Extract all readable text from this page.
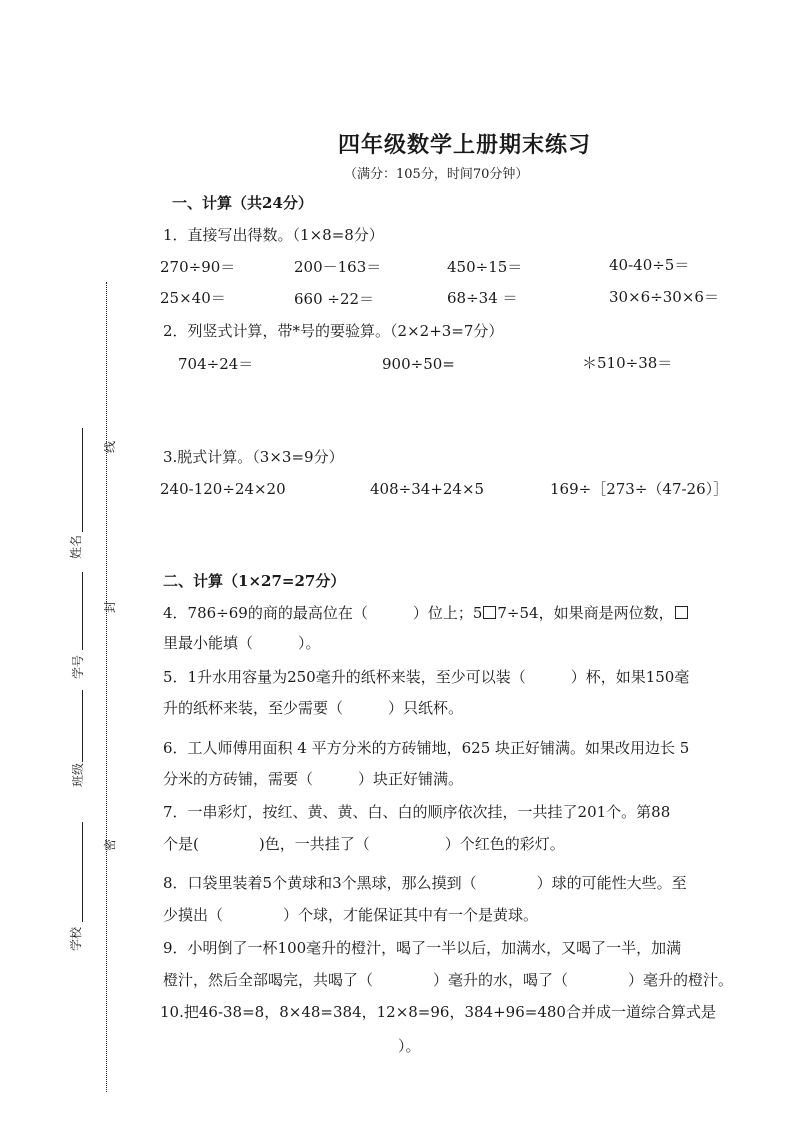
密
封
线
学校
班级
学号
姓名
四年级数学上册期末练习
（满分：105分，时间70分钟）
一、计算（共24分）
1．直接写出得数。（1×8=8分）
270÷90＝	200－163＝	450÷15＝	40-40÷5＝
25×40＝	660 ÷22＝	68÷34 ＝	30×6÷30×6＝
2．列竖式计算，带*号的要验算。（2×2+3=7分）
704÷24＝	900÷50=	＊510÷38＝
3.脱式计算。（3×3=9分）
240-120÷24×20	408÷34+24×5	169÷［273÷（47-26）］
二、计算（1×27=27分）
4．786÷69的商的最高位在（　　　）位上；5 7÷54，如果商是两位数，
里最小能填（　　　）。
5．1升水用容量为250毫升的纸杯来装，至少可以装（　　　）杯，如果150毫
升的纸杯来装，至少需要（　　　）只纸杯。
6．工人师傅用面积 4 平方分米的方砖铺地，625 块正好铺满。如果改用边长 5
分米的方砖铺，需要（　　　）块正好铺满。
7．一串彩灯，按红、黄、黄、白、白的顺序依次挂，一共挂了201个。第88
个是(　　　　)色，一共挂了（　　　　　）个红色的彩灯。
8．口袋里装着5个黄球和3个黑球，那么摸到（　　　　）球的可能性大些。至
少摸出（　　　　）个球，才能保证其中有一个是黄球。
9．小明倒了一杯100毫升的橙汁，喝了一半以后，加满水，又喝了一半，加满
橙汁，然后全部喝完，共喝了（　　　　）毫升的水，喝了（　　　　）毫升的橙汁。
10.把46-38=8，8×48=384，12×8=96，384+96=480合并成一道综合算式是
）。
